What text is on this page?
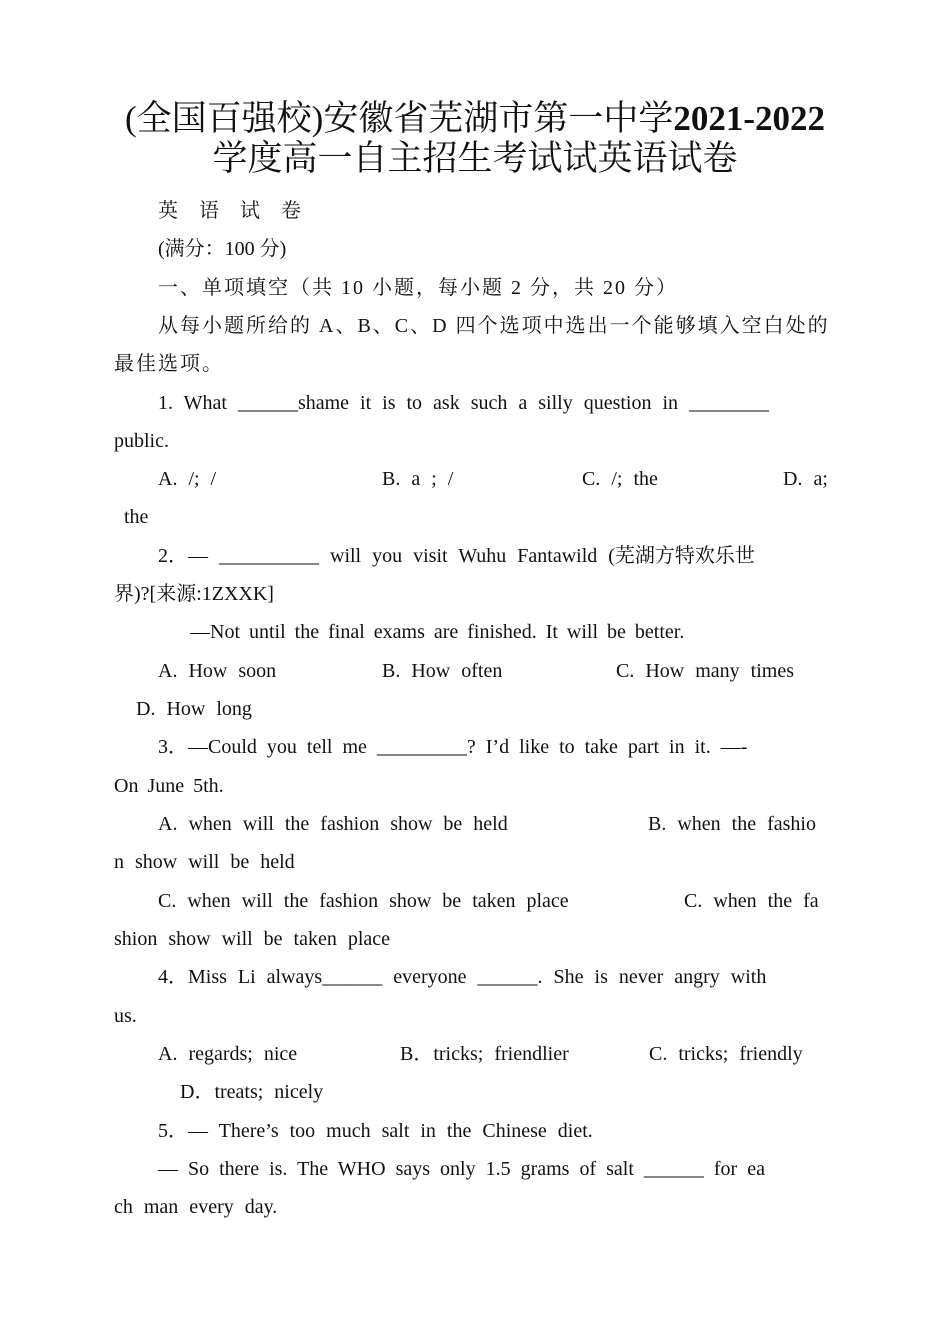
(全国百强校)安徽省芜湖市第一中学2021-2022
学度高一自主招生考试试英语试卷
英 语 试 卷
(满分：100 分)
一、单项填空（共 10 小题，每小题 2 分，共 20 分）
从每小题所给的 A、B、C、D 四个选项中选出一个能够填入空白处的
最佳选项。
1. What ______shame it is to ask such a silly question in ________
public.
A. /; /	B. a ; /	C. /; the	D. a;
the
2．— __________ will you visit Wuhu Fantawild (芜湖方特欢乐世
界)?[来源:1ZXXK]
—Not until the final exams are finished. It will be better.
A. How soon	B. How often	C. How many times
D. How long
3．—Could you tell me _________? I’d like to take part in it. —-
On June 5th.
A. when will the fashion show be held	B. when the fashio
n show will be held
C. when will the fashion show be taken place	C. when the fa
shion show will be taken place
4．Miss Li always______ everyone ______. She is never angry with
us.
A. regards; nice	B．tricks; friendlier	C. tricks; friendly
D．treats; nicely
5．— There’s too much salt in the Chinese diet.
— So there is. The WHO says only 1.5 grams of salt ______ for ea
ch man every day.
